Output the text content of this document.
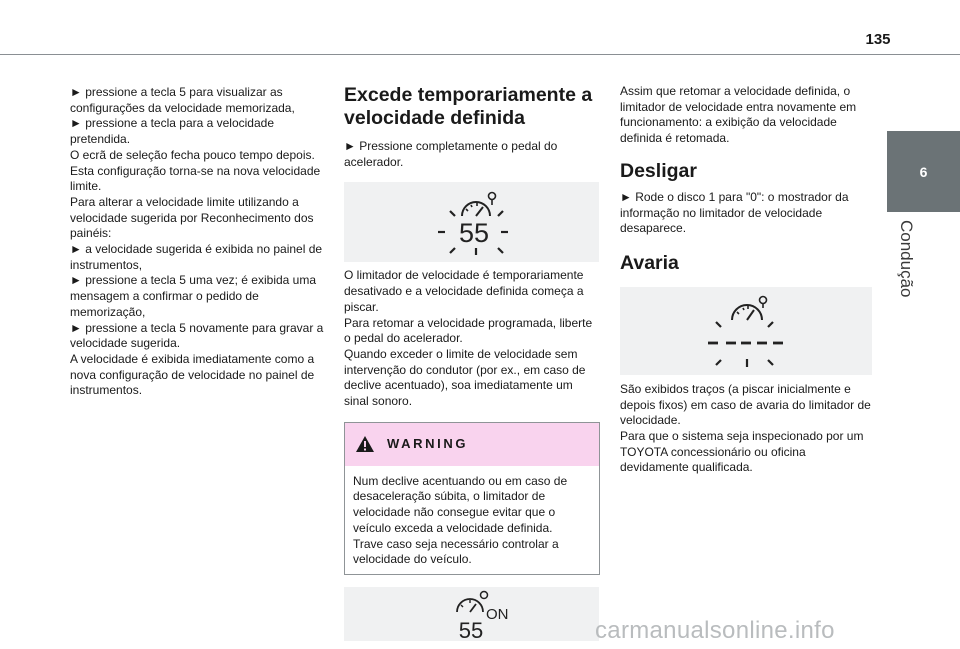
135
6
Condução

► pressione a tecla 5 para visualizar as configurações da velocidade memorizada,

► pressione a tecla para a velocidade pretendida.

O ecrã de seleção fecha pouco tempo depois.

Esta configuração torna-se na nova velocidade limite.

Para alterar a velocidade limite utilizando a velocidade sugerida por Reconhecimento dos painéis:

► a velocidade sugerida é exibida no painel de instrumentos,

► pressione a tecla 5 uma vez; é exibida uma mensagem a confirmar o pedido de memorização,

► pressione a tecla 5 novamente para gravar a velocidade sugerida.

A velocidade é exibida imediatamente como a nova configuração de velocidade no painel de instrumentos.

Excede temporariamente a velocidade definida

► Pressione completamente o pedal do acelerador.

55

O limitador de velocidade é temporariamente desativado e a velocidade definida começa a piscar.

Para retomar a velocidade programada, liberte o pedal do acelerador.

Quando exceder o limite de velocidade sem intervenção do condutor (por ex., em caso de declive acentuado), soa imediatamente um sinal sonoro.

WARNING

Num declive acentuando ou em caso de desaceleração súbita, o limitador de velocidade não consegue evitar que o veículo exceda a velocidade definida.

Trave caso seja necessário controlar a velocidade do veículo.

ON
55

Assim que retomar a velocidade definida, o limitador de velocidade entra novamente em funcionamento: a exibição da velocidade definida é retomada.

Desligar

► Rode o disco 1 para "0": o mostrador da informação no limitador de velocidade desaparece.

Avaria

São exibidos traços (a piscar inicialmente e depois fixos) em caso de avaria do limitador de velocidade.

Para que o sistema seja inspecionado por um TOYOTA concessionário ou oficina devidamente qualificada.

carmanualsonline.info
